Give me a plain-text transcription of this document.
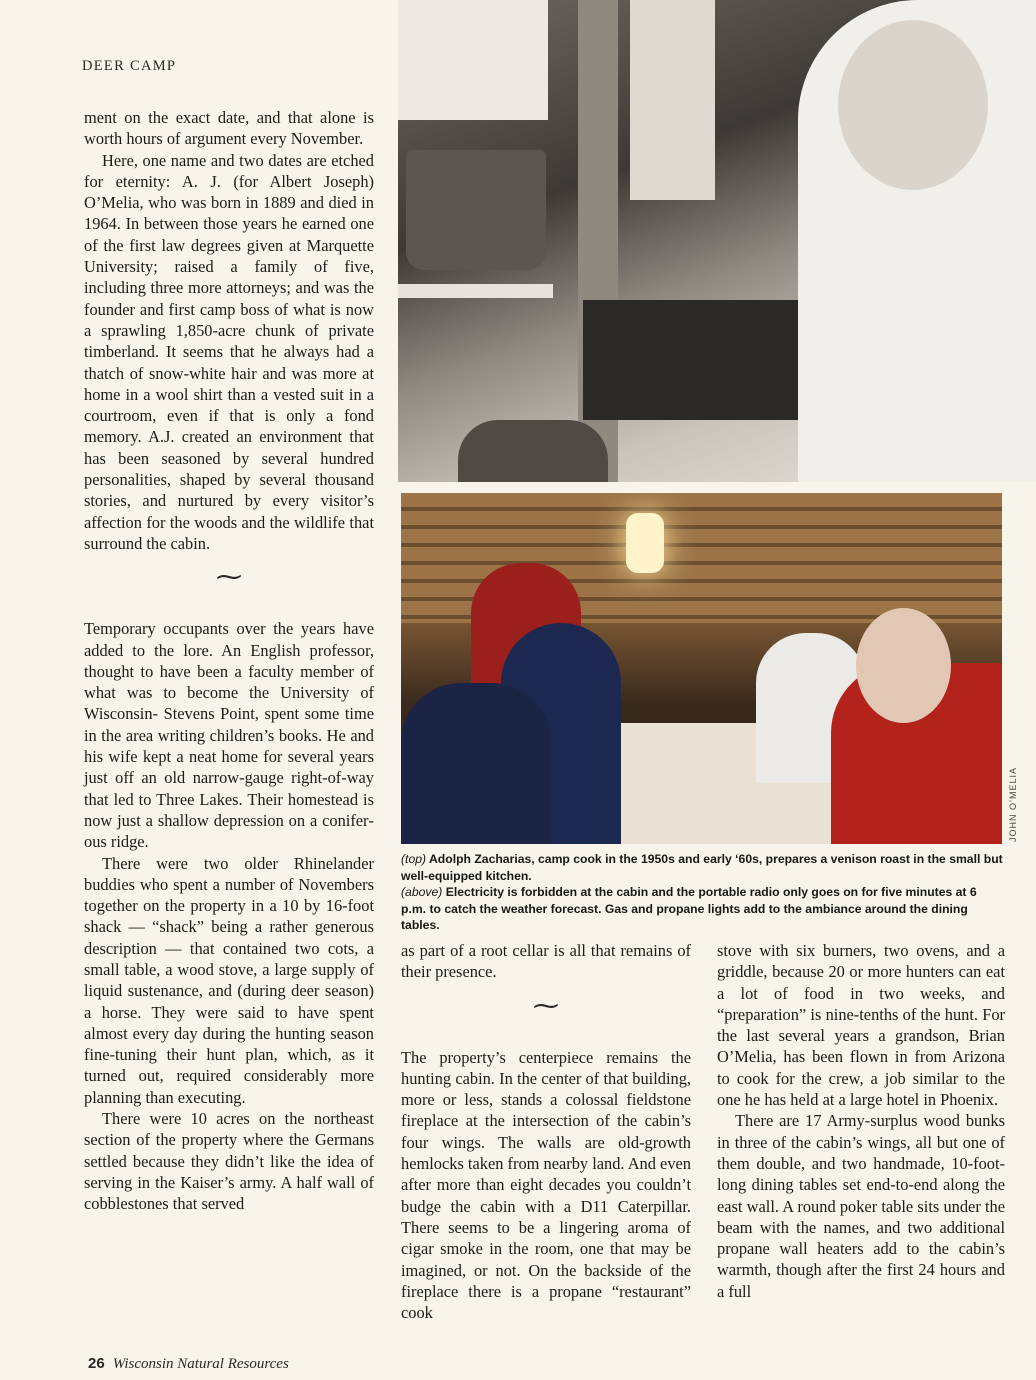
DEER CAMP

ment on the exact date, and that alone is worth hours of argument every November.

Here, one name and two dates are etched for eternity: A. J. (for Albert Joseph) O’Melia, who was born in 1889 and died in 1964. In between those years he earned one of the first law degrees given at Marquette University; raised a family of five, including three more attorneys; and was the founder and first camp boss of what is now a sprawling 1,850-acre chunk of private timberland. It seems that he always had a thatch of snow-white hair and was more at home in a wool shirt than a vested suit in a courtroom, even if that is only a fond memory. A.J. created an environment that has been seasoned by several hundred personalities, shaped by several thousand stories, and nurtured by every visitor’s affection for the woods and the wildlife that surround the cabin.

⁓

Temporary occupants over the years have added to the lore. An English professor, thought to have been a faculty member of what was to become the University of Wisconsin- Stevens Point, spent some time in the area writing children’s books. He and his wife kept a neat home for several years just off an old narrow-gauge right-of-way that led to Three Lakes. Their homestead is now just a shallow depression on a coniferous ridge.

There were two older Rhinelander buddies who spent a number of Novembers together on the property in a 10 by 16-foot shack — “shack” being a rather generous description — that contained two cots, a small table, a wood stove, a large supply of liquid sustenance, and (during deer season) a horse. They were said to have spent almost every day during the hunting season fine-tuning their hunt plan, which, as it turned out, required considerably more planning than executing.

There were 10 acres on the northeast section of the property where the Germans settled because they didn’t like the idea of serving in the Kaiser’s army. A half wall of cobblestones that served

JOHN O’MELIA

(top) Adolph Zacharias, camp cook in the 1950s and early ‘60s, prepares a venison roast in the small but well-equipped kitchen.

(above) Electricity is forbidden at the cabin and the portable radio only goes on for five minutes at 6 p.m. to catch the weather forecast. Gas and propane lights add to the ambiance around the dining tables.

as part of a root cellar is all that remains of their presence.

⁓

The property’s centerpiece remains the hunting cabin. In the center of that building, more or less, stands a colossal fieldstone fireplace at the intersection of the cabin’s four wings. The walls are old-growth hemlocks taken from nearby land. And even after more than eight decades you couldn’t budge the cabin with a D11 Caterpillar. There seems to be a lingering aroma of cigar smoke in the room, one that may be imagined, or not. On the backside of the fireplace there is a propane “restaurant” cook

stove with six burners, two ovens, and a griddle, because 20 or more hunters can eat a lot of food in two weeks, and “preparation” is nine-tenths of the hunt. For the last several years a grandson, Brian O’Melia, has been flown in from Arizona to cook for the crew, a job similar to the one he has held at a large hotel in Phoenix.

There are 17 Army-surplus wood bunks in three of the cabin’s wings, all but one of them double, and two handmade, 10-foot-long dining tables set end-to-end along the east wall. A round poker table sits under the beam with the names, and two additional propane wall heaters add to the cabin’s warmth, though after the first 24 hours and a full

26 Wisconsin Natural Resources
